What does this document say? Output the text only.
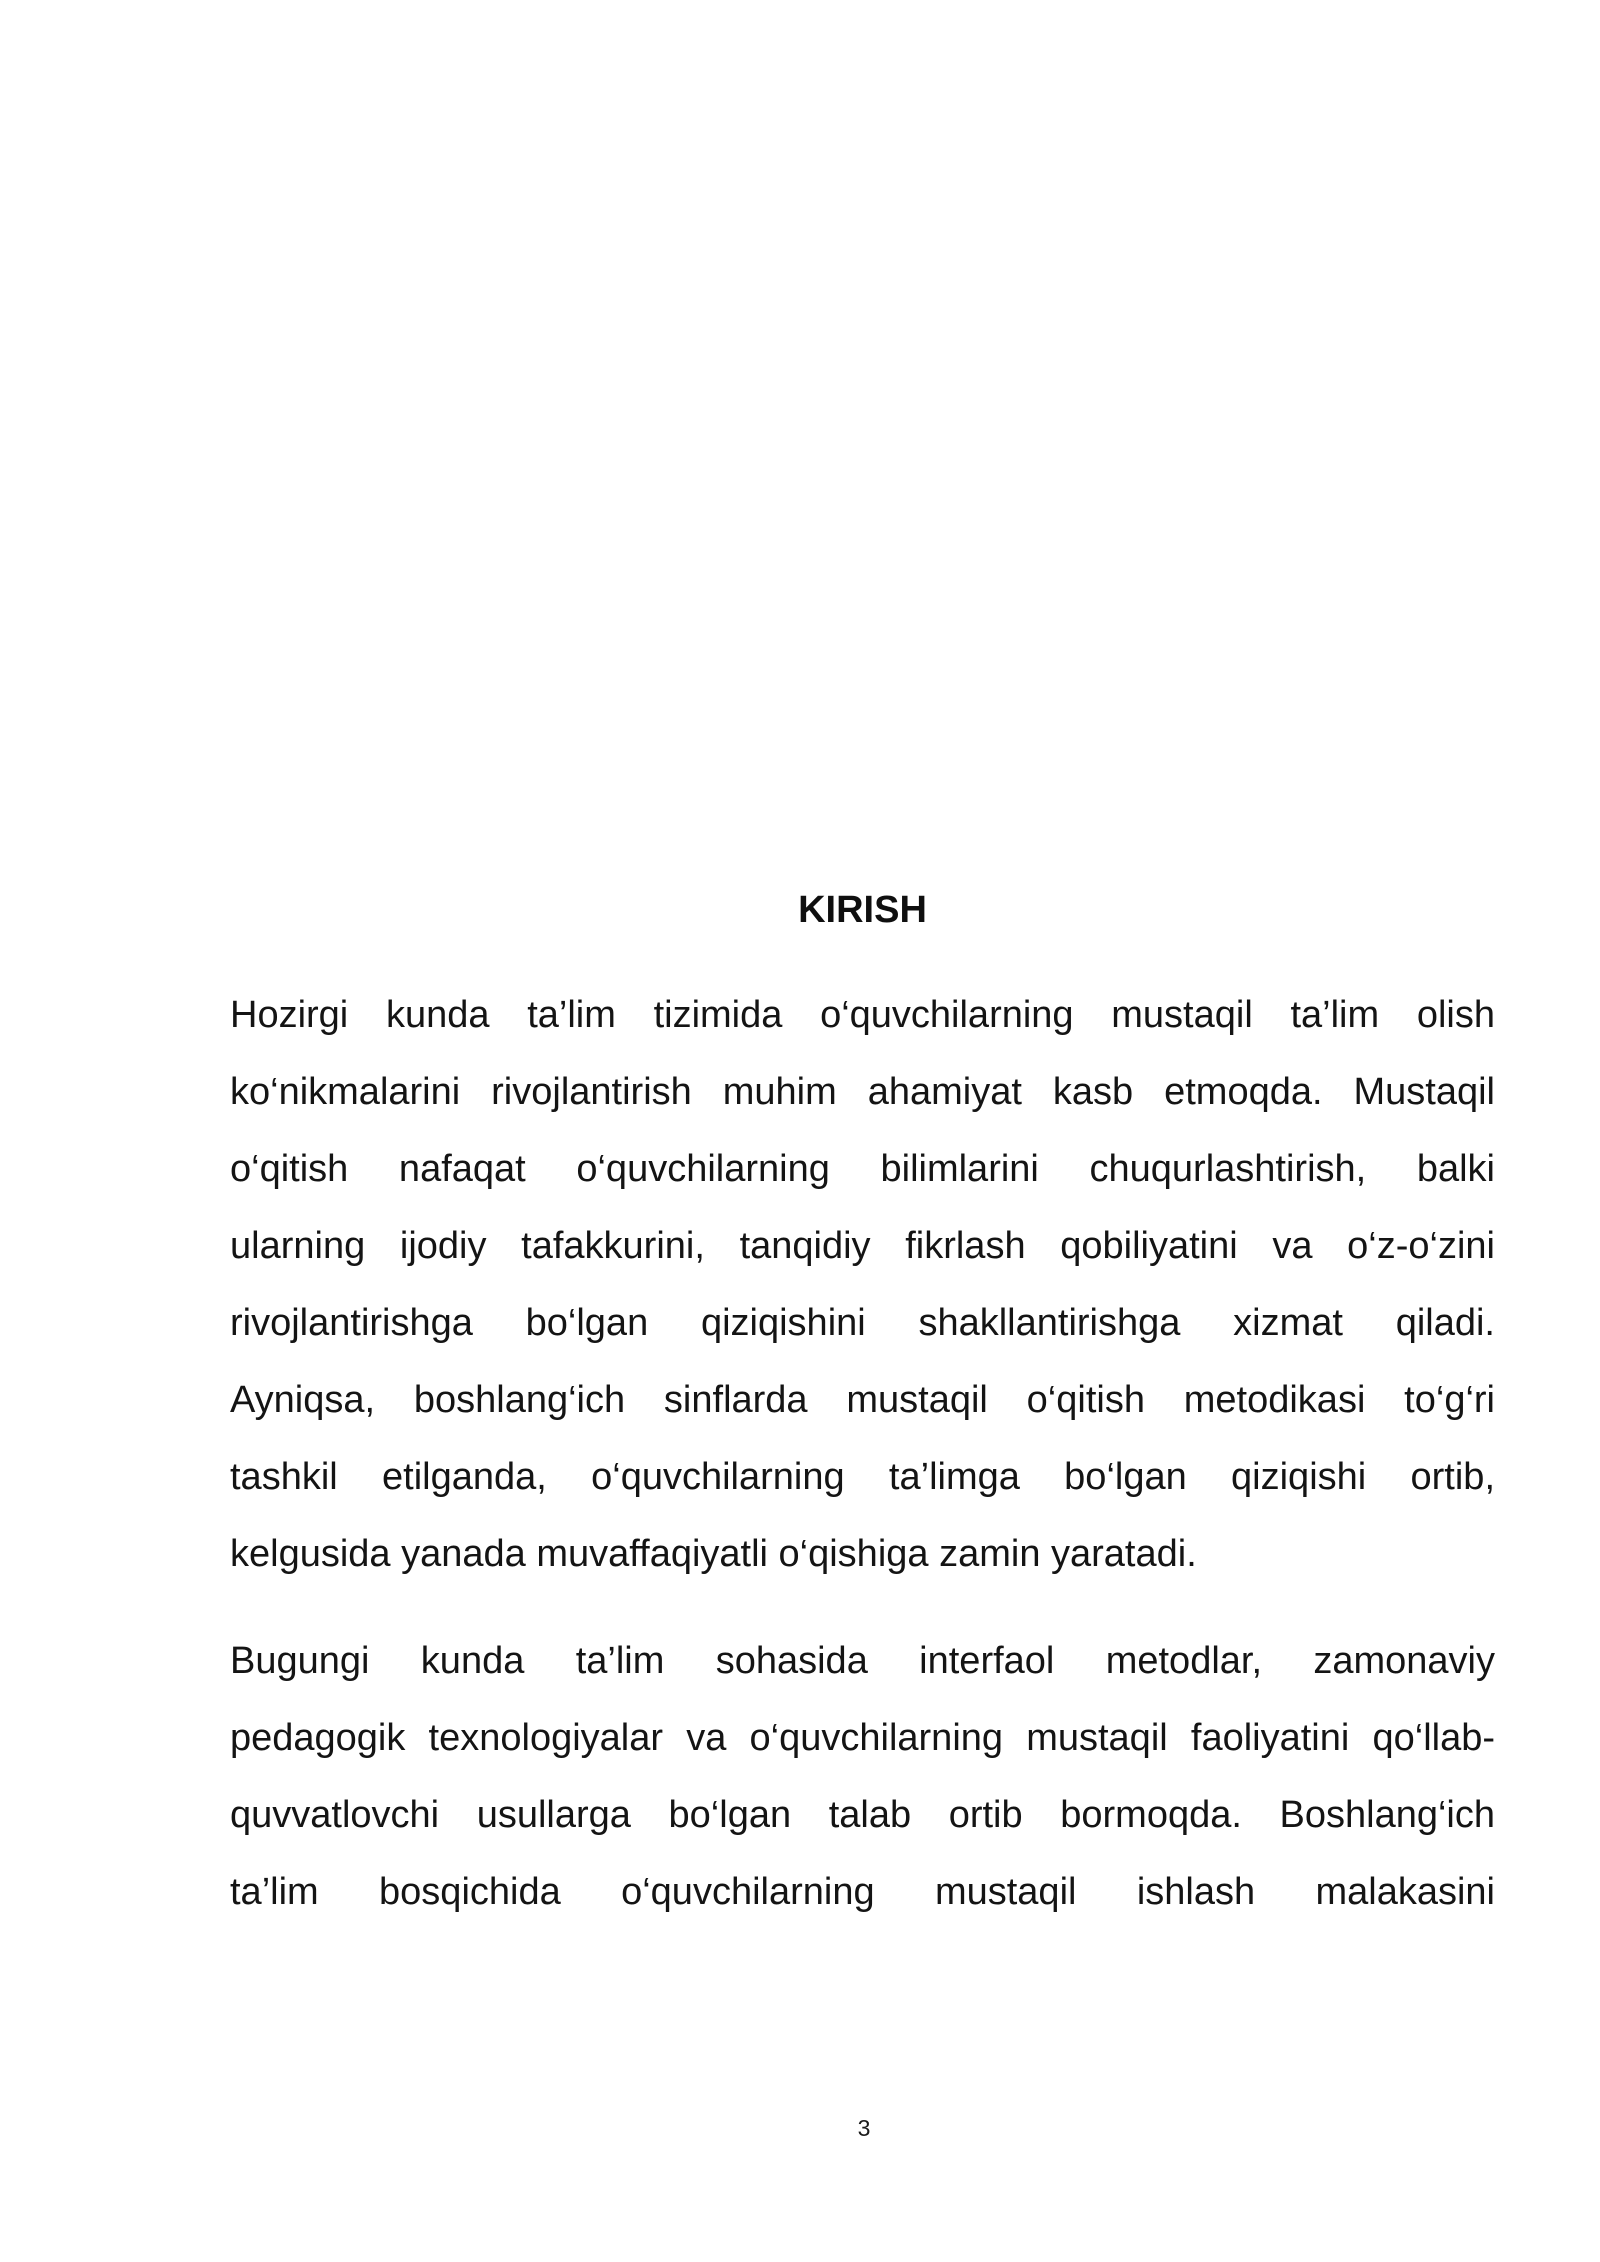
KIRISH
Hozirgi kunda ta’lim tizimida o‘quvchilarning mustaqil ta’lim olish
ko‘nikmalarini rivojlantirish muhim ahamiyat kasb etmoqda. Mustaqil
o‘qitish nafaqat o‘quvchilarning bilimlarini chuqurlashtirish, balki
ularning ijodiy tafakkurini, tanqidiy fikrlash qobiliyatini va o‘z-o‘zini
rivojlantirishga bo‘lgan qiziqishini shakllantirishga xizmat qiladi.
Ayniqsa, boshlang‘ich sinflarda mustaqil o‘qitish metodikasi to‘g‘ri
tashkil etilganda, o‘quvchilarning ta’limga bo‘lgan qiziqishi ortib,
kelgusida yanada muvaffaqiyatli o‘qishiga zamin yaratadi.
Bugungi kunda ta’lim sohasida interfaol metodlar, zamonaviy
pedagogik texnologiyalar va o‘quvchilarning mustaqil faoliyatini qo‘llab-
quvvatlovchi usullarga bo‘lgan talab ortib bormoqda. Boshlang‘ich
ta’lim bosqichida o‘quvchilarning mustaqil ishlash malakasini
3
